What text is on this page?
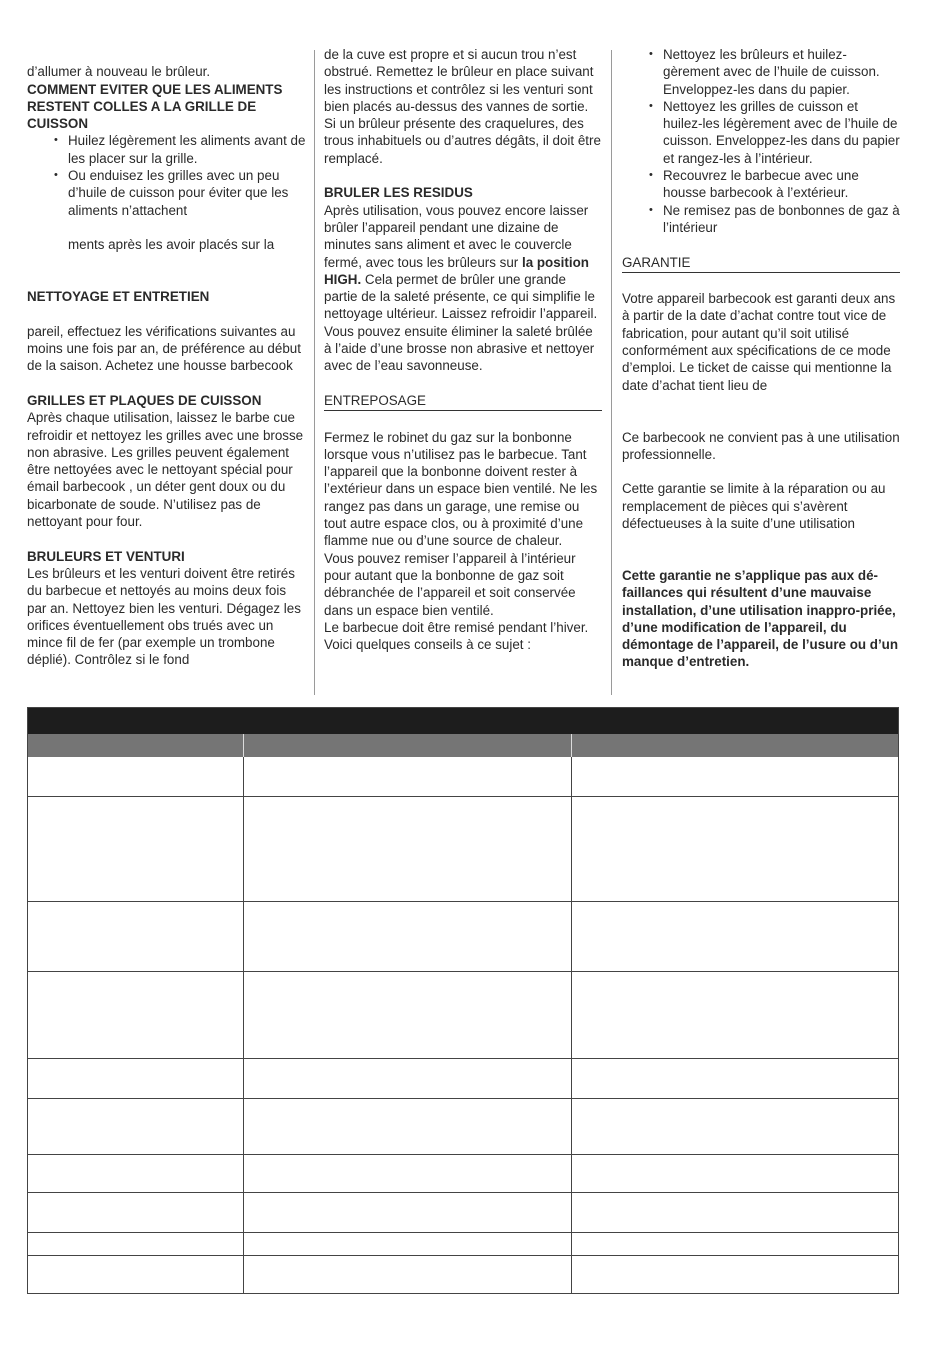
d’allumer à nouveau le brûleur.

COMMENT EVITER QUE LES ALIMENTS RESTENT COLLES A LA GRILLE DE CUISSON

• Huilez légèrement les aliments avant de les placer sur la grille.
• Ou enduisez les grilles avec un peu d’huile de cuisson pour éviter que les aliments n’attachent

ments après les avoir placés sur la

NETTOYAGE ET ENTRETIEN

pareil, effectuez les vérifications suivantes au moins une fois par an, de préférence au début de la saison. Achetez une housse barbecook

GRILLES ET PLAQUES DE CUISSON

Après chaque utilisation, laissez le barbe cue refroidir et nettoyez les grilles avec une brosse non abrasive. Les grilles peuvent également être nettoyées avec le nettoyant spécial pour émail barbecook , un déter gent doux ou du bicarbonate de soude. N’utilisez pas de nettoyant pour four.

BRULEURS ET VENTURI

Les brûleurs et les venturi doivent être retirés du barbecue et nettoyés au moins deux fois par an. Nettoyez bien les venturi. Dégagez les orifices éventuellement obs trués avec un mince fil de fer (par exemple un trombone déplié). Contrôlez si le fond

de la cuve est propre et si aucun trou n’est obstrué. Remettez le brûleur en place suivant les instructions et contrôlez si les venturi sont bien placés au-dessus des vannes de sortie. Si un brûleur présente des craquelures, des trous inhabituels ou d’autres dégâts, il doit être remplacé.

BRULER LES RESIDUS

Après utilisation, vous pouvez encore laisser brûler l’appareil pendant une dizaine de minutes sans aliment et avec le couvercle fermé, avec tous les brûleurs sur la position HIGH. Cela permet de brûler une grande partie de la saleté présente, ce qui simplifie le nettoyage ultérieur. Laissez refroidir l’appareil. Vous pouvez ensuite éliminer la saleté brûlée à l’aide d’une brosse non abrasive et nettoyer avec de l’eau savonneuse.

ENTREPOSAGE

Fermez le robinet du gaz sur la bonbonne lorsque vous n’utilisez pas le barbecue. Tant l’appareil que la bonbonne doivent rester à l’extérieur dans un espace bien ventilé. Ne les rangez pas dans un garage, une remise ou tout autre espace clos, ou à proximité d’une flamme nue ou d’une source de chaleur.

Vous pouvez remiser l’appareil à l’intérieur pour autant que la bonbonne de gaz soit débranchée de l’appareil et soit conservée dans un espace bien ventilé.

Le barbecue doit être remisé pendant l’hiver. Voici quelques conseils à ce sujet :

• Nettoyez les brûleurs et huilez-gèrement avec de l’huile de cuisson. Enveloppez-les dans du papier.
• Nettoyez les grilles de cuisson et huilez-les légèrement avec de l’huile de cuisson. Enveloppez-les dans du papier et rangez-les à l’intérieur.
• Recouvrez le barbecue avec une housse barbecook à l’extérieur.
• Ne remisez pas de bonbonnes de gaz à l’intérieur

GARANTIE

Votre appareil barbecook est garanti deux ans à partir de la date d’achat contre tout vice de fabrication, pour autant qu’il soit utilisé conformément aux spécifications de ce mode d’emploi. Le ticket de caisse qui mentionne la date d’achat tient lieu de

Ce barbecook ne convient pas à une utilisation professionnelle.

Cette garantie se limite à la réparation ou au remplacement de pièces qui s’avèrent défectueuses à la suite d’une utilisation

Cette garantie ne s’applique pas aux dé-faillances qui résultent d’une mauvaise installation, d’une utilisation inappro-priée, d’une modification de l’appareil, du démontage de l’appareil, de l’usure ou d’un manque d’entretien.
